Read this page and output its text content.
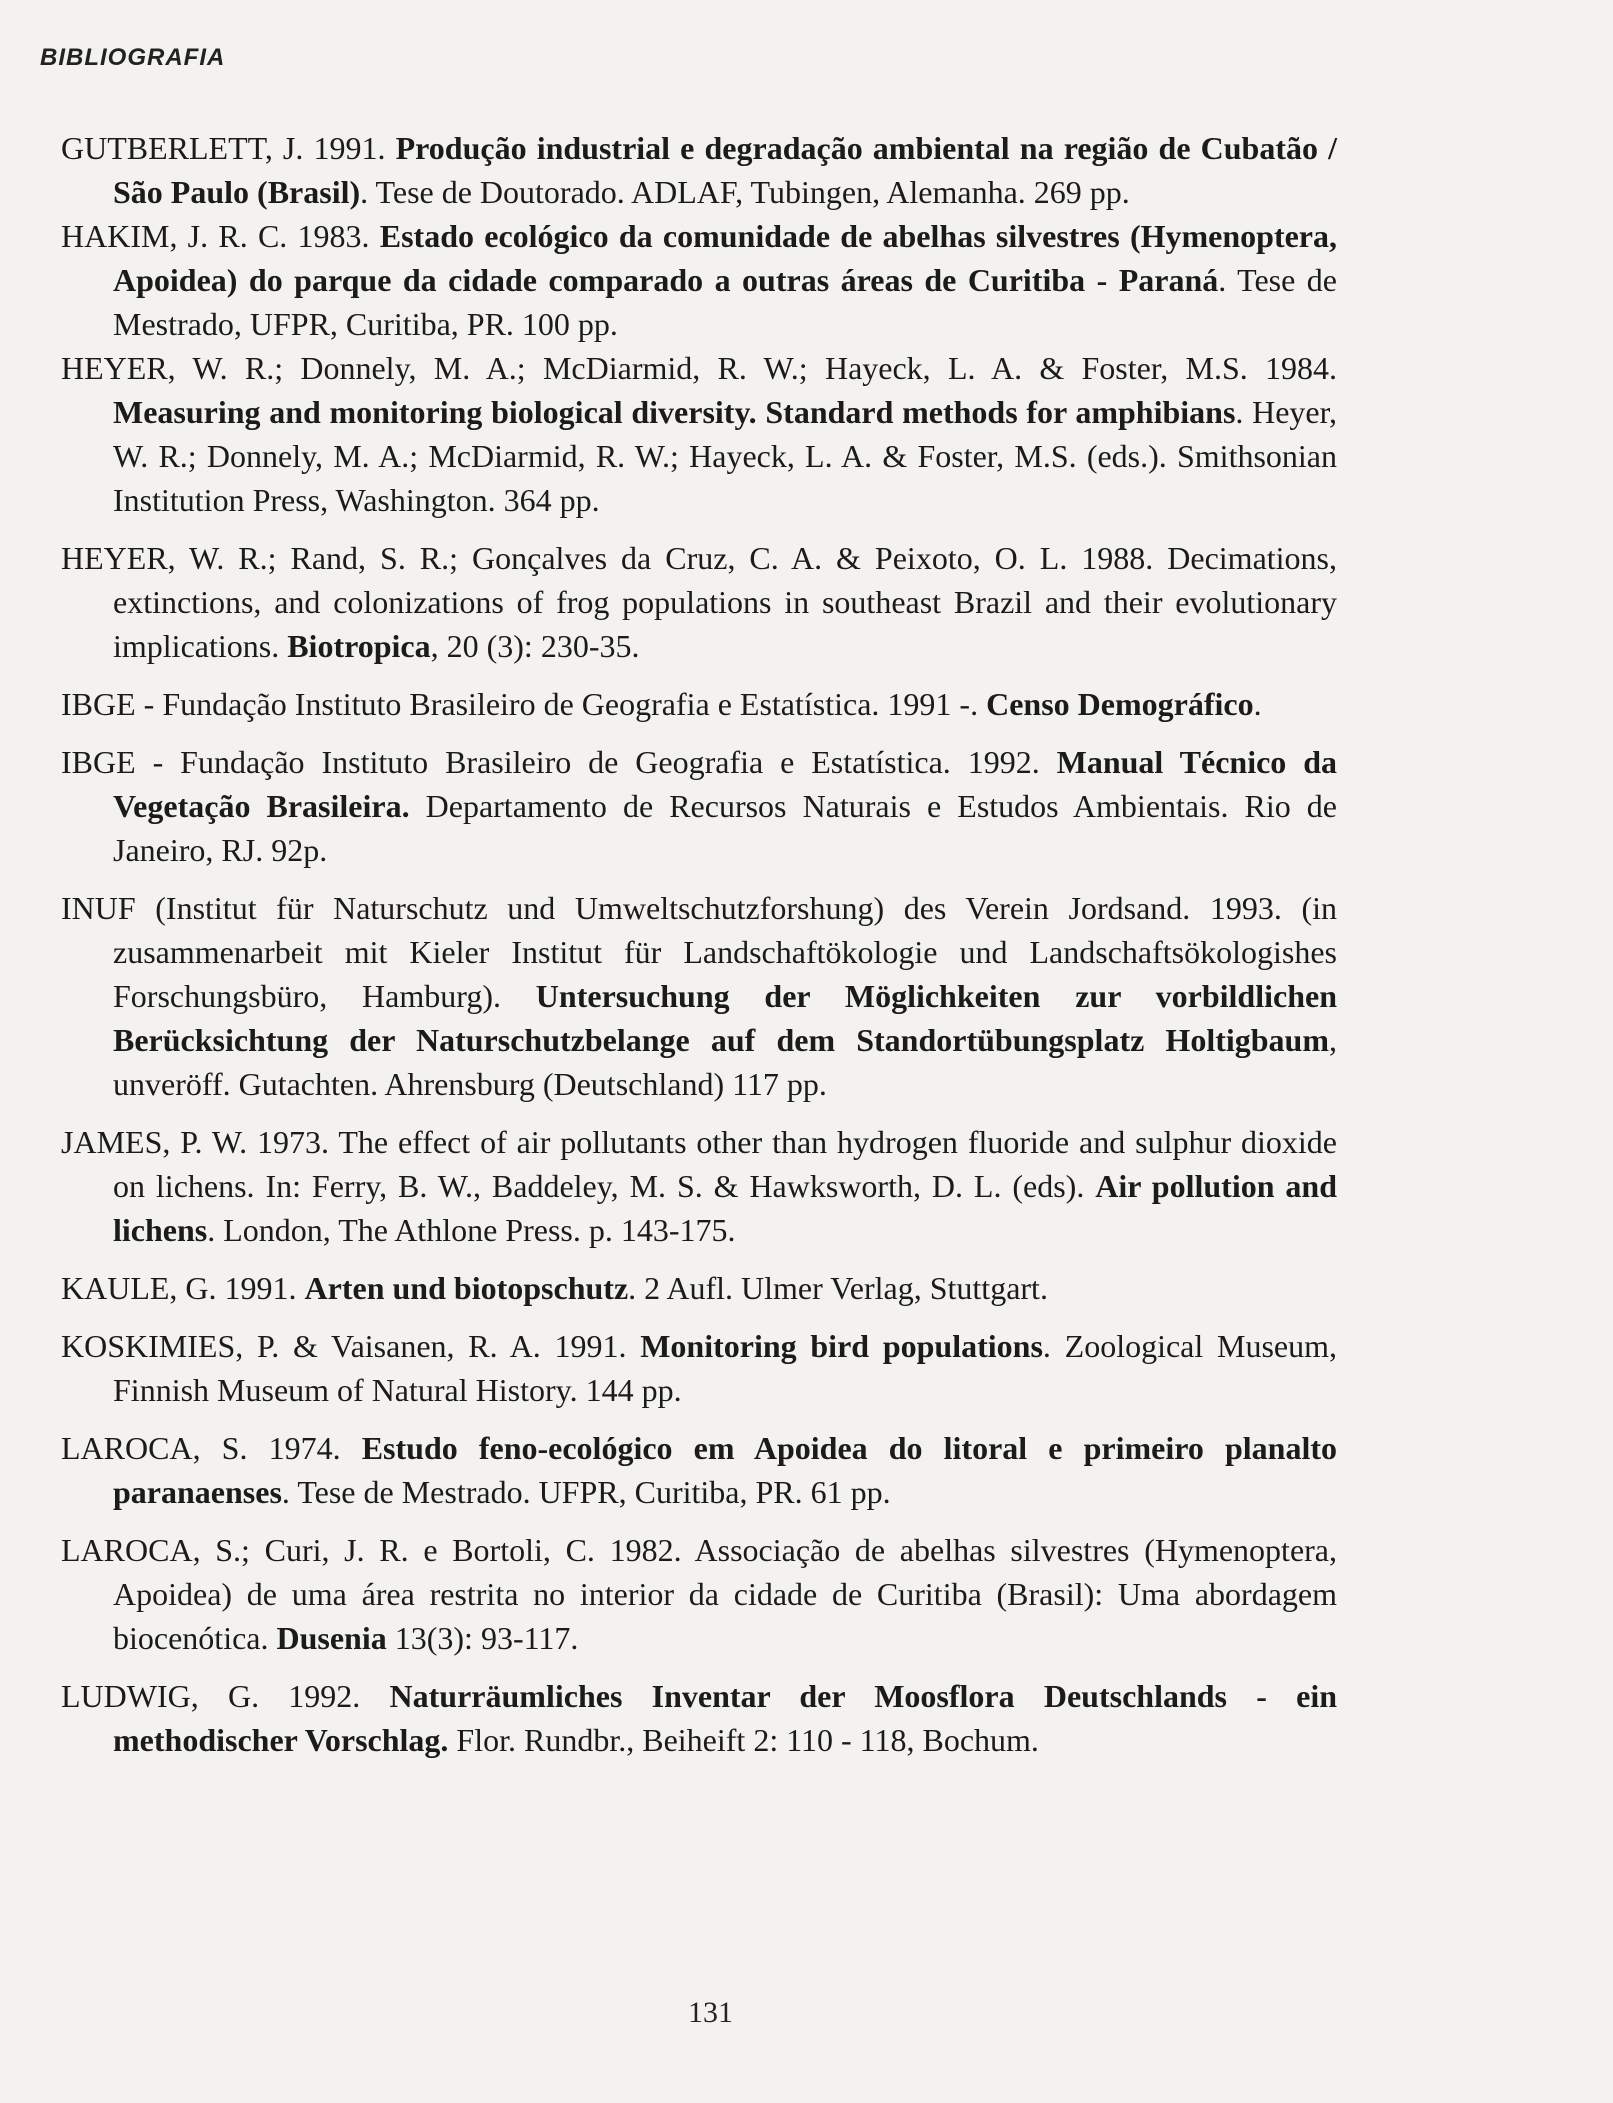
BIBLIOGRAFIA

GUTBERLETT, J. 1991. Produção industrial e degradação ambiental na região de Cubatão / São Paulo (Brasil). Tese de Doutorado. ADLAF, Tubingen, Alemanha. 269 pp.

HAKIM, J. R. C. 1983. Estado ecológico da comunidade de abelhas silvestres (Hymenoptera, Apoidea) do parque da cidade comparado a outras áreas de Curitiba - Paraná. Tese de Mestrado, UFPR, Curitiba, PR. 100 pp.

HEYER, W. R.; Donnely, M. A.; McDiarmid, R. W.; Hayeck, L. A. & Foster, M.S. 1984. Measuring and monitoring biological diversity. Standard methods for amphibians. Heyer, W. R.; Donnely, M. A.; McDiarmid, R. W.; Hayeck, L. A. & Foster, M.S. (eds.). Smithsonian Institution Press, Washington. 364 pp.

HEYER, W. R.; Rand, S. R.; Gonçalves da Cruz, C. A. & Peixoto, O. L. 1988. Decimations, extinctions, and colonizations of frog populations in southeast Brazil and their evolutionary implications. Biotropica, 20 (3): 230-35.

IBGE - Fundação Instituto Brasileiro de Geografia e Estatística. 1991 -. Censo Demográfico.

IBGE - Fundação Instituto Brasileiro de Geografia e Estatística. 1992. Manual Técnico da Vegetação Brasileira. Departamento de Recursos Naturais e Estudos Ambientais. Rio de Janeiro, RJ. 92p.

INUF (Institut für Naturschutz und Umweltschutzforshung) des Verein Jordsand. 1993. (in zusammenarbeit mit Kieler Institut für Landschaftökologie und Landschaftsökologishes Forschungsbüro, Hamburg). Untersuchung der Möglichkeiten zur vorbildlichen Berücksichtung der Naturschutzbelange auf dem Standortübungsplatz Holtigbaum, unveröff. Gutachten. Ahrensburg (Deutschland) 117 pp.

JAMES, P. W. 1973. The effect of air pollutants other than hydrogen fluoride and sulphur dioxide on lichens. In: Ferry, B. W., Baddeley, M. S. & Hawksworth, D. L. (eds). Air pollution and lichens. London, The Athlone Press. p. 143-175.

KAULE, G. 1991. Arten und biotopschutz. 2 Aufl. Ulmer Verlag, Stuttgart.

KOSKIMIES, P. & Vaisanen, R. A. 1991. Monitoring bird populations. Zoological Museum, Finnish Museum of Natural History. 144 pp.

LAROCA, S. 1974. Estudo feno-ecológico em Apoidea do litoral e primeiro planalto paranaenses. Tese de Mestrado. UFPR, Curitiba, PR. 61 pp.

LAROCA, S.; Curi, J. R. e Bortoli, C. 1982. Associação de abelhas silvestres (Hymenoptera, Apoidea) de uma área restrita no interior da cidade de Curitiba (Brasil): Uma abordagem biocenótica. Dusenia 13(3): 93-117.

LUDWIG, G. 1992. Naturräumliches Inventar der Moosflora Deutschlands - ein methodischer Vorschlag. Flor. Rundbr., Beiheift 2: 110 - 118, Bochum.

131
